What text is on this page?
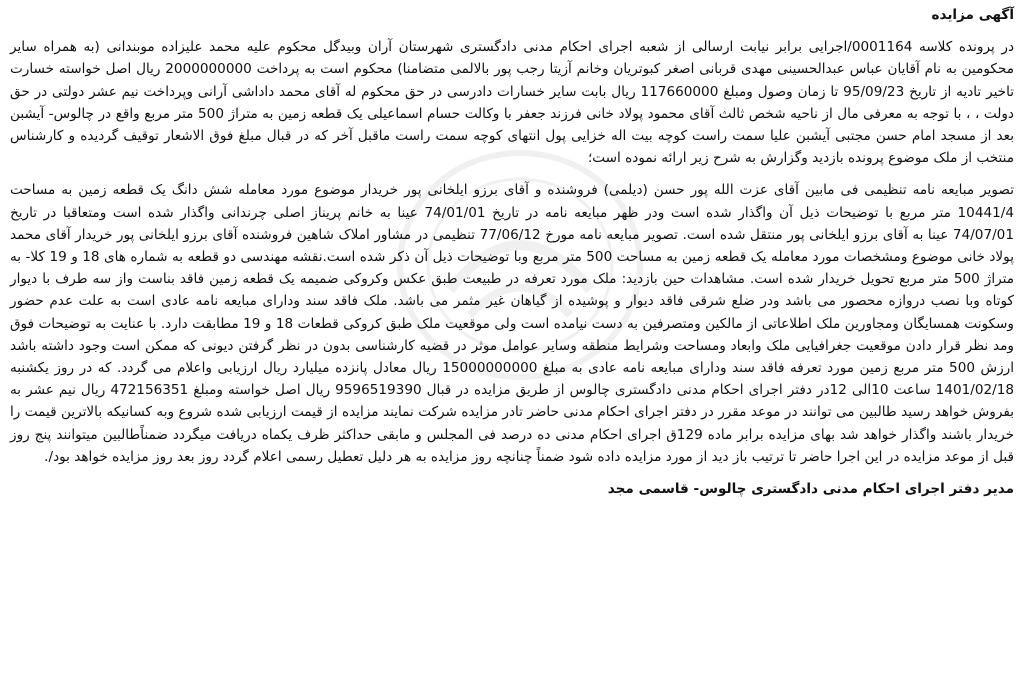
آگهی مزایده

در پرونده کلاسه 0001164/اجرایی برابر نیابت ارسالی از شعبه اجرای احکام مدنی دادگستری شهرستان آران وبیدگل محکوم علیه محمد علیزاده موبندانی (به همراه سایر محکومین به نام آقایان عباس عبدالحسینی مهدی قربانی اصغر کبوتریان وخانم آزیتا رجب پور بالالمی متضامنا) محکوم است به پرداخت 2000000000 ریال اصل خواسته خسارت تاخیر تادیه از تاریخ 95/09/23 تا زمان وصول ومبلغ 117660000 ریال بابت سایر خسارات دادرسی در حق محکوم له آقای محمد داداشی آرانی وپرداخت نیم عشر دولتی در حق دولت ، ، با توجه به معرفی مال از ناحیه شخص ثالث آقای محمود پولاد خانی فرزند جعفر با وکالت حسام اسماعیلی یک قطعه زمین به متراژ 500 متر مربع واقع در چالوس- آیشبن بعد از مسجد امام حسن مجتبی آیشبن علیا سمت راست کوچه بیت اله خزایی پول انتهای کوچه سمت راست ماقبل آخر که در قبال مبلغ فوق الاشعار توقیف گردیده و کارشناس منتخب از ملک موضوع پرونده بازدید وگزارش به شرح زیر ارائه نموده است؛

تصویر مبایعه نامه تنظیمی فی مابین آقای عزت الله پور حسن (دیلمی) فروشنده و آقای برزو ایلخانی پور خریدار موضوع مورد معامله شش دانگ یک قطعه زمین به مساحت 10441/4 متر مربع با توضیحات ذیل آن واگذار شده است ودر ظهر مبایعه نامه در تاریخ 74/01/01 عینا به خانم پریناز اصلی چرندانی واگذار شده است ومتعاقبا در تاریخ 74/07/01 عینا به آقای برزو ایلخانی پور منتقل شده است. تصویر مبایعه نامه مورخ 77/06/12 تنظیمی در مشاور املاک شاهین فروشنده آقای برزو ایلخانی پور خریدار آقای محمد پولاد خانی موضوع ومشخصات مورد معامله یک قطعه زمین به مساحت 500 متر مربع وبا توضیحات ذیل آن ذکر شده است.نقشه مهندسی دو قطعه به شماره های 18 و 19 کلا- به متراژ 500 متر مربع تحویل خریدار شده است. مشاهدات حین بازدید: ملک مورد تعرفه در طبیعت طبق عکس وکروکی ضمیمه یک قطعه زمین فاقد بناست واز سه طرف با دیوار کوتاه وبا نصب دروازه محصور می باشد ودر ضلع شرقی فاقد دیوار و پوشیده از گیاهان غیر مثمر می باشد. ملک فاقد سند ودارای مبایعه نامه عادی است به علت عدم حضور وسکونت همسایگان ومجاورین ملک اطلاعاتی از مالکین ومتصرفین به دست نیامده است ولی موقعیت ملک طبق کروکی قطعات 18 و 19 مطابقت دارد. با عنایت به توضیحات فوق ومد نظر قرار دادن موقعیت جغرافیایی ملک وابعاد ومساحت وشرایط منطقه وسایر عوامل موثر در قضیه کارشناسی بدون در نظر گرفتن دیونی که ممکن است وجود داشته باشد ارزش 500 متر مربع زمین مورد تعرفه فاقد سند ودارای مبایعه نامه عادی به مبلغ 15000000000 ریال معادل پانزده میلیارد ریال ارزیابی واعلام می گردد. که در روز یکشنبه 1401/02/18 ساعت 10الی 12در دفتر اجرای احکام مدنی دادگستری چالوس از طریق مزایده در قبال 9596519390 ریال اصل خواسته ومبلغ 472156351 ریال نیم عشر به بفروش خواهد رسید طالبین می توانند در موعد مقرر در دفتر اجرای احکام مدنی حاضر تادر مزایده شرکت نمایند مزایده از قیمت ارزیابی شده شروع وبه کسانیکه بالاترین قیمت را خریدار باشند واگذار خواهد شد بهای مزایده برابر ماده 129ق اجرای احکام مدنی ده درصد فی المجلس و مابقی حداکثر ظرف یکماه دریافت میگردد ضمناًطالبین میتوانند پنج روز قبل از موعد مزایده در این اجرا حاضر تا ترتیب باز دید از مورد مزایده داده شود ضمناً چنانچه روز مزایده به هر دلیل تعطیل رسمی اعلام گردد روز بعد روز مزایده خواهد بود/.

مدیر دفتر اجرای احکام مدنی دادگستری چالوس- قاسمی مجد
